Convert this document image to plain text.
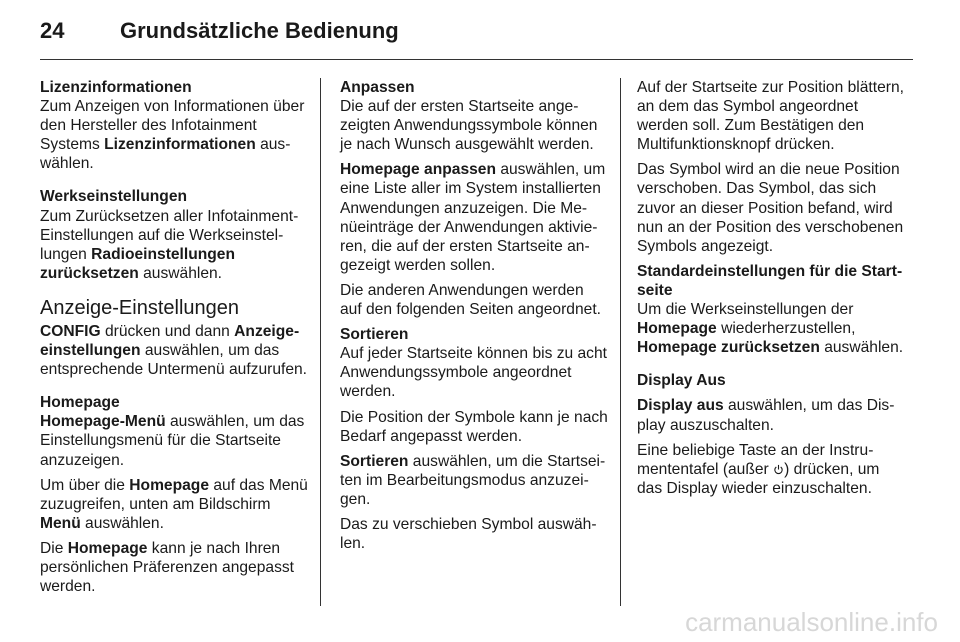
24	Grundsätzliche Bedienung

Lizenzinformationen
Zum Anzeigen von Informationen über den Hersteller des Infotainment Systems Lizenzinformationen auswählen.

Werkseinstellungen
Zum Zurücksetzen aller Infotainment-Einstellungen auf die Werkseinstellungen Radioeinstellungen zurücksetzen auswählen.

Anzeige-Einstellungen
CONFIG drücken und dann Anzeige-einstellungen auswählen, um das entsprechende Untermenü aufzurufen.

Homepage
Homepage-Menü auswählen, um das Einstellungsmenü für die Startseite anzuzeigen.

Um über die Homepage auf das Menü zuzugreifen, unten am Bildschirm Menü auswählen.

Die Homepage kann je nach Ihren persönlichen Präferenzen angepasst werden.

Anpassen
Die auf der ersten Startseite angezeigten Anwendungssymbole können je nach Wunsch ausgewählt werden.

Homepage anpassen auswählen, um eine Liste aller im System installierten Anwendungen anzuzeigen. Die Menüeinträge der Anwendungen aktivieren, die auf der ersten Startseite angezeigt werden sollen.

Die anderen Anwendungen werden auf den folgenden Seiten angeordnet.

Sortieren
Auf jeder Startseite können bis zu acht Anwendungssymbole angeordnet werden.

Die Position der Symbole kann je nach Bedarf angepasst werden.

Sortieren auswählen, um die Startseiten im Bearbeitungsmodus anzuzeigen.

Das zu verschieben Symbol auswählen.

Auf der Startseite zur Position blättern, an dem das Symbol angeordnet werden soll. Zum Bestätigen den Multifunktionsknopf drücken.

Das Symbol wird an die neue Position verschoben. Das Symbol, das sich zuvor an dieser Position befand, wird nun an der Position des verschobenen Symbols angezeigt.

Standardeinstellungen für die Startseite
Um die Werkseinstellungen der Homepage wiederherzustellen, Homepage zurücksetzen auswählen.

Display Aus

Display aus auswählen, um das Display auszuschalten.

Eine beliebige Taste an der Instrumententafel (außer ) drücken, um das Display wieder einzuschalten.

carmanualsonline.info
